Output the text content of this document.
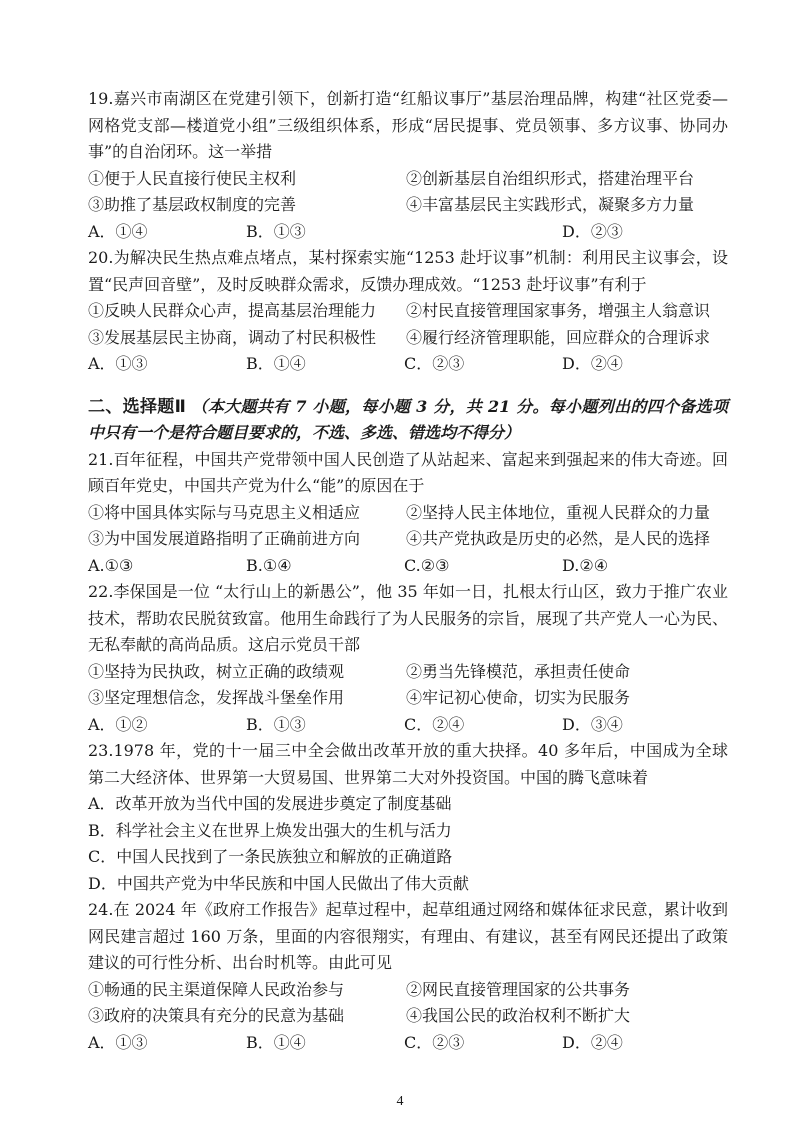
19.嘉兴市南湖区在党建引领下，创新打造“红船议事厅”基层治理品牌，构建“社区党委—网格党支部—楼道党小组”三级组织体系，形成“居民提事、党员领事、多方议事、协同办事”的自治闭环。这一举措

①便于人民直接行使民主权利	②创新基层自治组织形式，搭建治理平台
③助推了基层政权制度的完善	④丰富基层民主实践形式，凝聚多方力量
A．①④	B．①③	D．②③

20.为解决民生热点难点堵点，某村探索实施“1253 赴圩议事”机制：利用民主议事会，设置“民声回音壁”，及时反映群众需求，反馈办理成效。“1253 赴圩议事”有利于

①反映人民群众心声，提高基层治理能力	②村民直接管理国家事务，增强主人翁意识
③发展基层民主协商，调动了村民积极性	④履行经济管理职能，回应群众的合理诉求
A．①③	B．①④	C．②③	D．②④

二、选择题Ⅱ （本大题共有 7 小题，每小题 3 分，共 21 分。每小题列出的四个备选项中只有一个是符合题目要求的，不选、多选、错选均不得分）

21.百年征程，中国共产党带领中国人民创造了从站起来、富起来到强起来的伟大奇迹。回顾百年党史，中国共产党为什么“能”的原因在于

①将中国具体实际与马克思主义相适应	②坚持人民主体地位，重视人民群众的力量
③为中国发展道路指明了正确前进方向	④共产党执政是历史的必然，是人民的选择
A.①③	B.①④	C.②③	D.②④

22.李保国是一位 “太行山上的新愚公”，他 35 年如一日，扎根太行山区，致力于推广农业技术，帮助农民脱贫致富。他用生命践行了为人民服务的宗旨，展现了共产党人一心为民、无私奉献的高尚品质。这启示党员干部

①坚持为民执政，树立正确的政绩观	②勇当先锋模范，承担责任使命
③坚定理想信念，发挥战斗堡垒作用	④牢记初心使命，切实为民服务
A．①②	B．①③	C．②④	D．③④

23.1978 年，党的十一届三中全会做出改革开放的重大抉择。40 多年后，中国成为全球第二大经济体、世界第一大贸易国、世界第二大对外投资国。中国的腾飞意味着

A．改革开放为当代中国的发展进步奠定了制度基础
B．科学社会主义在世界上焕发出强大的生机与活力
C．中国人民找到了一条民族独立和解放的正确道路
D．中国共产党为中华民族和中国人民做出了伟大贡献

24.在 2024 年《政府工作报告》起草过程中，起草组通过网络和媒体征求民意，累计收到网民建言超过 160 万条，里面的内容很翔实，有理由、有建议，甚至有网民还提出了政策建议的可行性分析、出台时机等。由此可见

①畅通的民主渠道保障人民政治参与	②网民直接管理国家的公共事务
③政府的决策具有充分的民意为基础	④我国公民的政治权利不断扩大
A．①③	B．①④	C．②③	D．②④
4
